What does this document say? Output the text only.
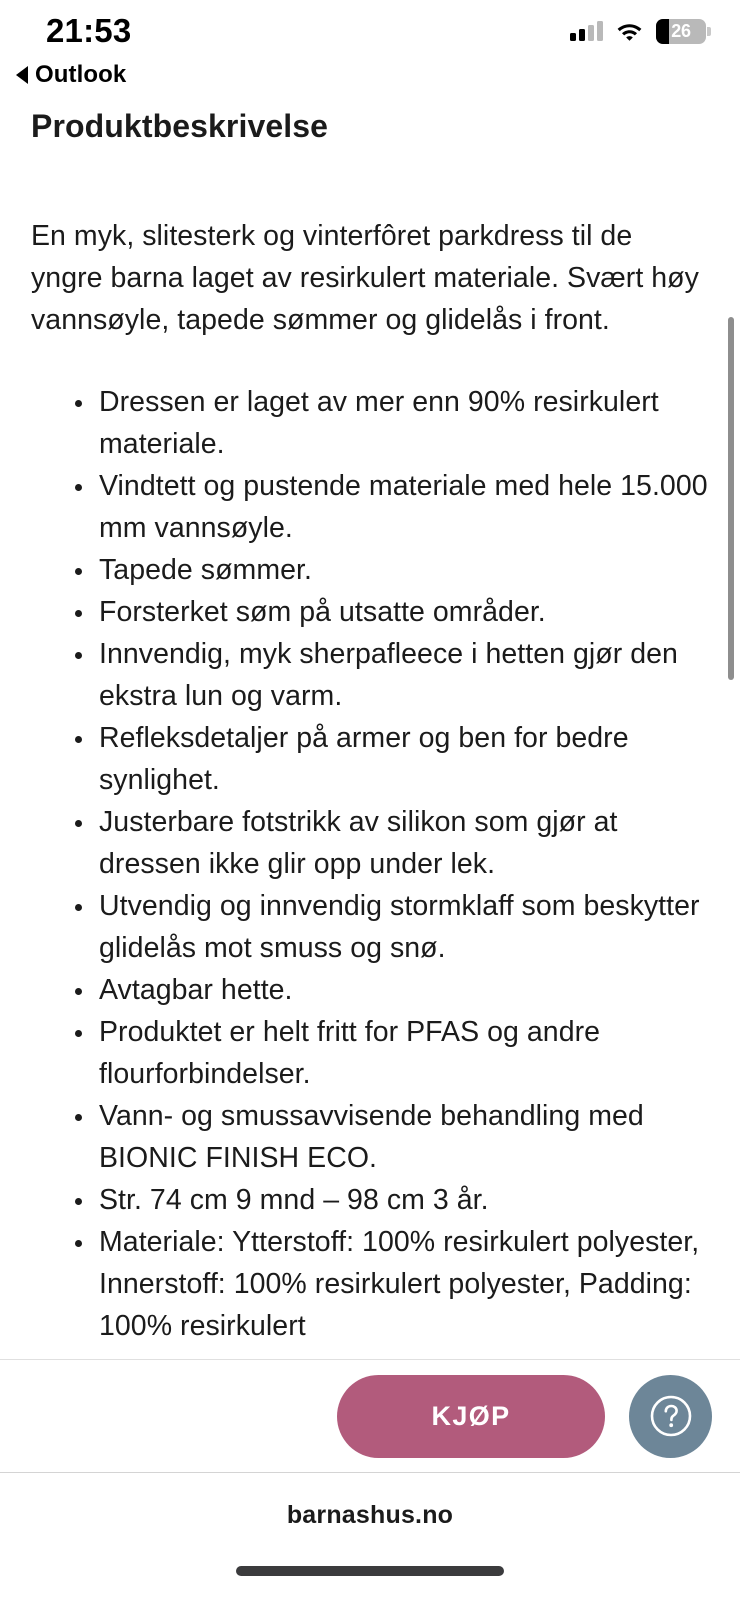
21:53	26
Outlook
Produktbeskrivelse

En myk, slitesterk og vinterfôret parkdress til de yngre barna laget av resirkulert materiale. Svært høy vannsøyle, tapede sømmer og glidelås i front.

Dressen er laget av mer enn 90% resirkulert materiale.
Vindtett og pustende materiale med hele 15.000 mm vannsøyle.
Tapede sømmer.
Forsterket søm på utsatte områder.
Innvendig, myk sherpafleece i hetten gjør den ekstra lun og varm.
Refleksdetaljer på armer og ben for bedre synlighet.
Justerbare fotstrikk av silikon som gjør at dressen ikke glir opp under lek.
Utvendig og innvendig stormklaff som beskytter glidelås mot smuss og snø.
Avtagbar hette.
Produktet er helt fritt for PFAS og andre flourforbindelser.
Vann- og smussavvisende behandling med BIONIC FINISH ECO.
Str. 74 cm 9 mnd – 98 cm 3 år.
Materiale: Ytterstoff: 100% resirkulert polyester, Innerstoff: 100% resirkulert polyester, Padding: 100% resirkulert
KJØP
barnashus.no
